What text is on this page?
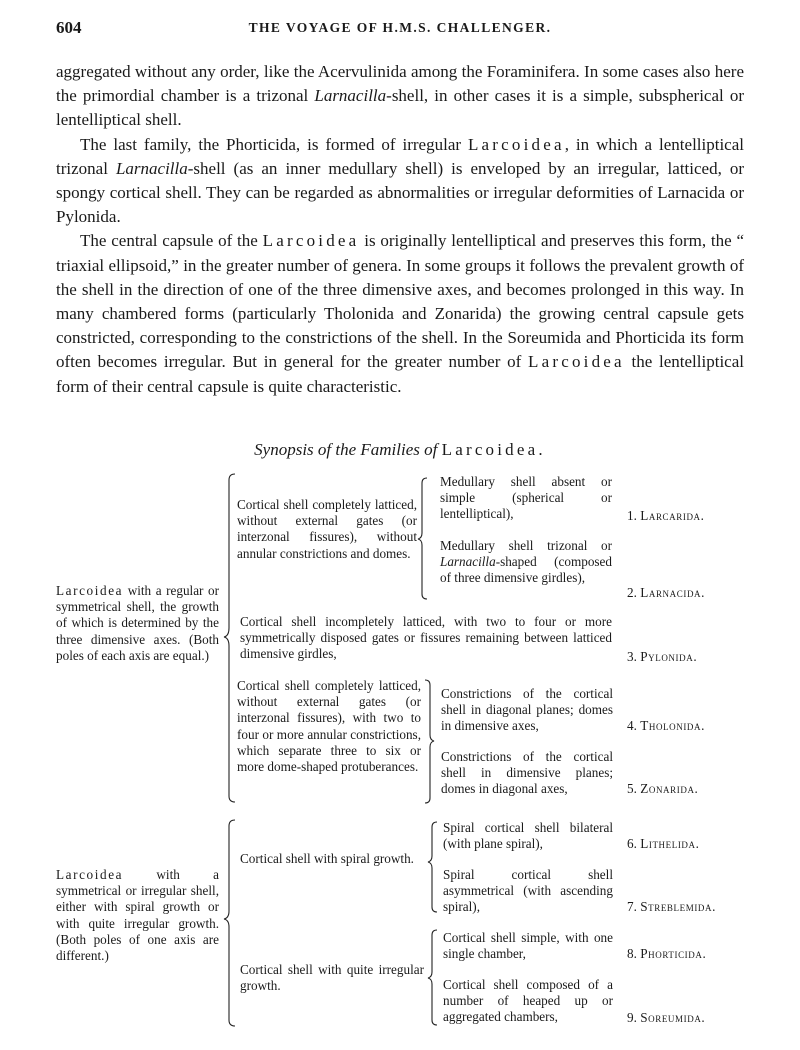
604	THE VOYAGE OF H.M.S. CHALLENGER.

aggregated without any order, like the Acervulinida among the Foraminifera. In some cases also here the primordial chamber is a trizonal Larnacilla-shell, in other cases it is a simple, subspherical or lentelliptical shell.

The last family, the Phorticida, is formed of irregular Larcoidea, in which a lentelliptical trizonal Larnacilla-shell (as an inner medullary shell) is enveloped by an irregular, latticed, or spongy cortical shell. They can be regarded as abnormalities or irregular deformities of Larnacida or Pylonida.

The central capsule of the Larcoidea is originally lentelliptical and preserves this form, the “ triaxial ellipsoid,” in the greater number of genera. In some groups it follows the prevalent growth of the shell in the direction of one of the three dimensive axes, and becomes prolonged in this way. In many chambered forms (particularly Tholonida and Zonarida) the growing central capsule gets constricted, corresponding to the constrictions of the shell. In the Soreumida and Phorticida its form often becomes irregular. But in general for the greater number of Larcoidea the lentelliptical form of their central capsule is quite characteristic.

Synopsis of the Families of Larcoidea.
Larcoidea with a regular or symmetrical shell, the growth of which is determined by the three dimensive axes. (Both poles of each axis are equal.)
Larcoidea	with a symmetrical or irregular shell, either with spiral growth or with quite irregular growth. (Both poles of one axis are different.)
Cortical shell completely latticed, without external gates (or interzonal fissures), without annular constrictions and domes.
Medullary shell absent or simple (spherical or lentelliptical),
Medullary shell trizonal or Larnacilla-shaped (composed of three dimensive girdles),
Cortical shell incompletely latticed, with two to four or more symmetrically disposed gates or fissures remaining between latticed dimensive girdles,
Cortical shell completely latticed, without external gates (or interzonal fissures), with two to four or more annular constrictions, which separate three to six or more dome-shaped protuberances.
Constrictions of the cortical shell in diagonal planes; domes in dimensive axes,
Constrictions of the cortical shell in dimensive planes; domes in diagonal axes,
Cortical shell with spiral growth.
Spiral cortical shell bilateral (with plane spiral),
Spiral cortical shell asymmetrical (with ascending spiral),
Cortical shell with quite irregular growth.
Cortical shell simple, with one single chamber,
Cortical shell composed of a number of heaped up or aggregated chambers,
1. Larcarida.
2. Larnacida.
3. Pylonida.
4. Tholonida.
5. Zonarida.
6. Lithelida.
7. Streblemida.
8. Phorticida.
9. Soreumida.
